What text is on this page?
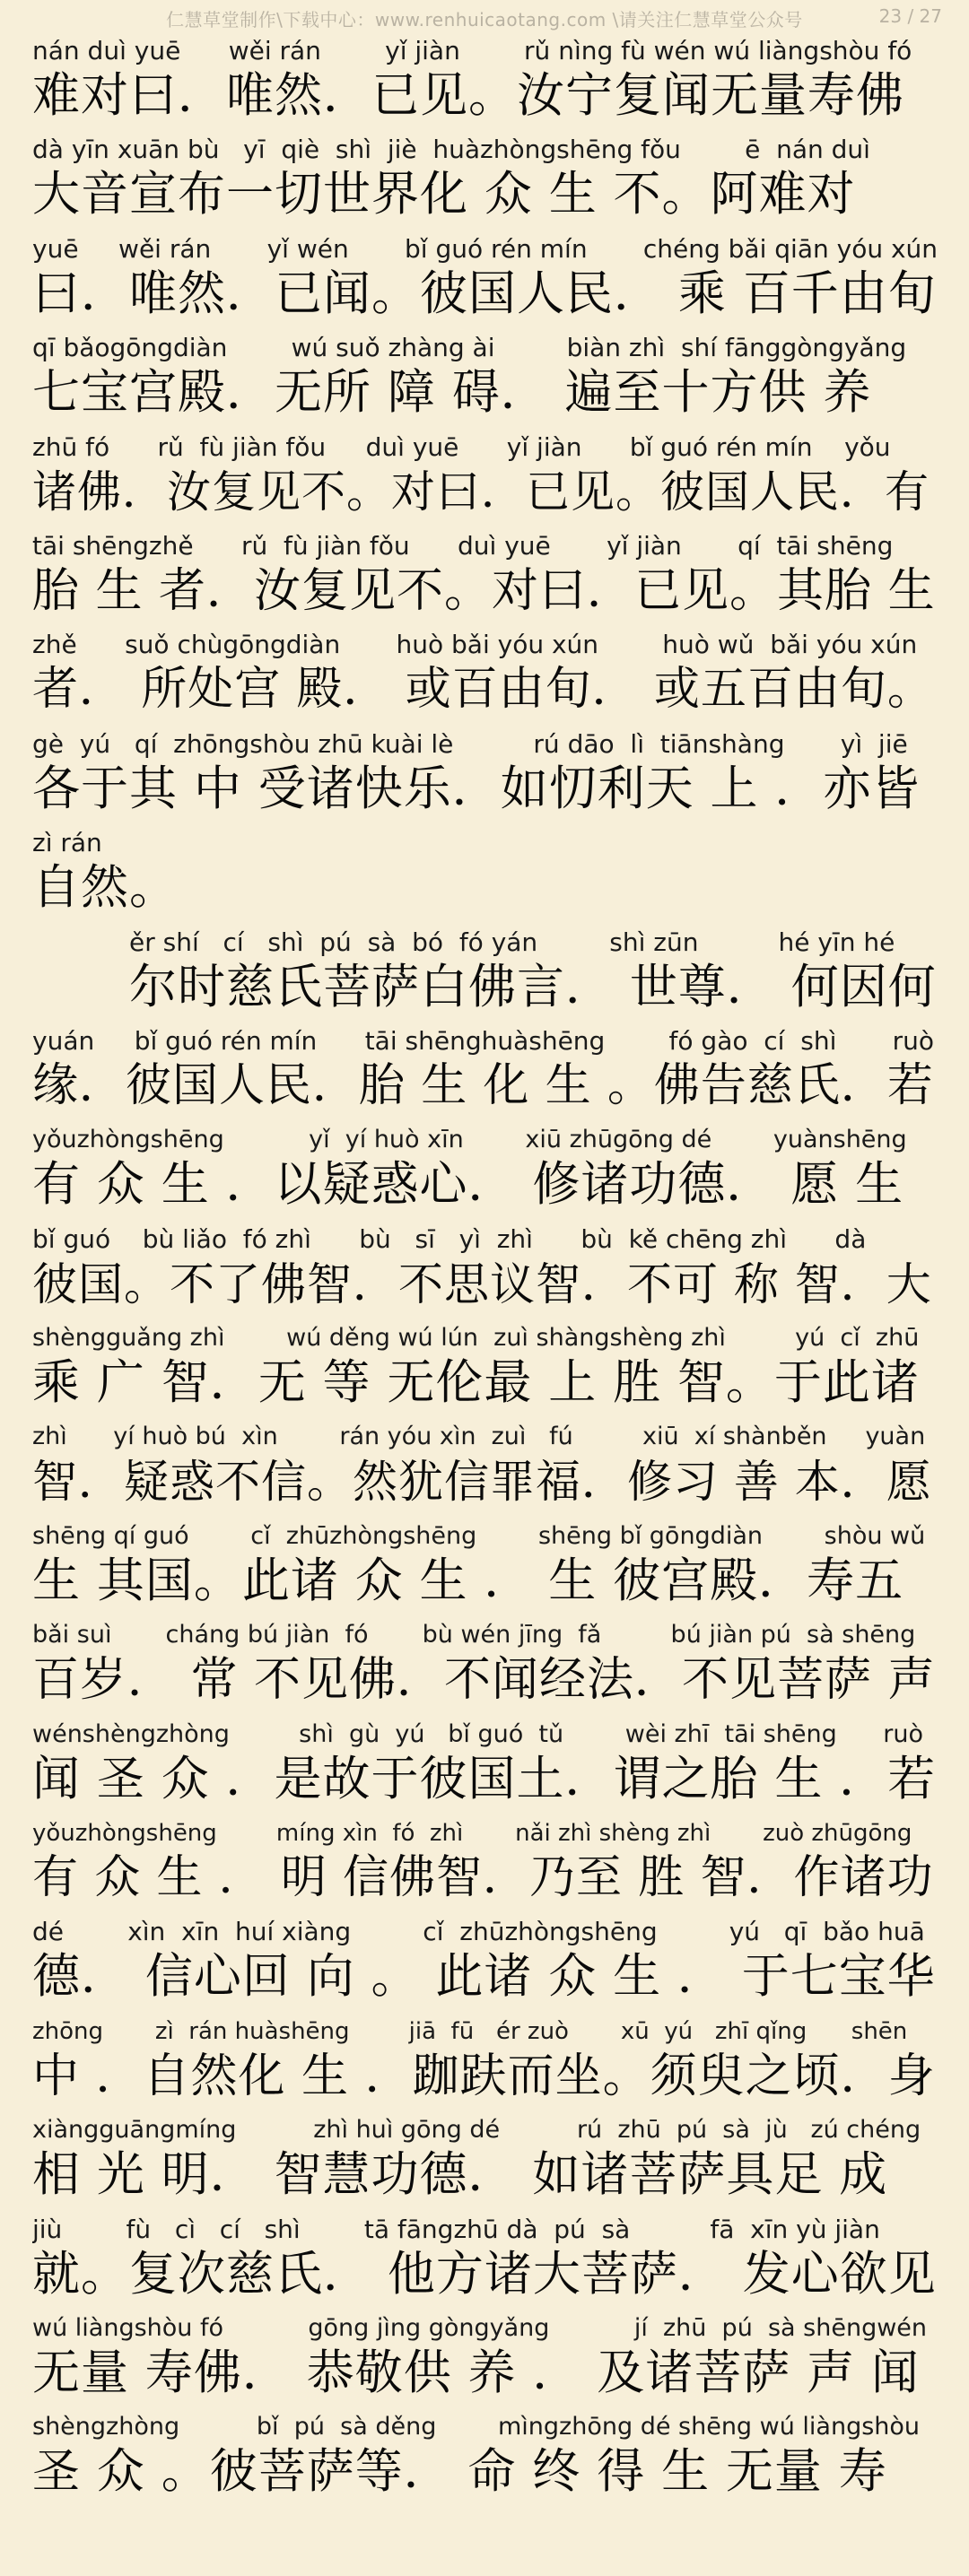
仁慧草堂制作\下载中心：www.renhuicaotang.com \请关注仁慧草堂公众号	23 / 27
nán duì yuē      wěi rán        yǐ jiàn        rǔ nìng fù wén wú liàngshòu fó
难对曰．唯然．已见。汝宁复闻无量寿佛
dà yīn xuān bù   yī  qiè  shì  jiè  huàzhòngshēng fǒu        ē  nán duì
大音宣布一切世界化 众 生 不。阿难对
yuē     wěi rán       yǐ wén       bǐ guó rén mín       chéng bǎi qiān yóu xún
曰．唯然．已闻。彼国人民． 乘 百千由旬
qī bǎogōngdiàn        wú suǒ zhàng ài         biàn zhì  shí fānggòngyǎng
七宝宫殿．无所 障 碍． 遍至十方供 养
zhū fó      rǔ  fù jiàn fǒu     duì yuē      yǐ jiàn      bǐ guó rén mín    yǒu
诸佛．汝复见不。对曰．已见。彼国人民．有
tāi shēngzhě      rǔ  fù jiàn fǒu      duì yuē       yǐ jiàn       qí  tāi shēng
胎 生 者．汝复见不。对曰．已见。其胎 生
zhě      suǒ chùgōngdiàn       huò bǎi yóu xún        huò wǔ  bǎi yóu xún
者． 所处宫 殿． 或百由旬． 或五百由旬。
gè  yú   qí  zhōngshòu zhū kuài lè          rú dāo  lì  tiānshàng       yì  jiē
各于其 中 受诸快乐．如忉利天 上 ．亦皆
zì rán
自然。
ěr shí   cí   shì  pú  sà  bó  fó yán         shì zūn          hé yīn hé
尔时慈氏菩萨白佛言． 世尊． 何因何
yuán     bǐ guó rén mín      tāi shēnghuàshēng        fó gào  cí  shì       ruò
缘．彼国人民．胎 生 化 生 。佛告慈氏．若
yǒuzhòngshēng           yǐ  yí huò xīn        xiū zhūgōng dé        yuànshēng
有 众 生 ．以疑惑心． 修诸功德． 愿 生
bǐ guó    bù liǎo  fó zhì      bù   sī   yì  zhì      bù  kě chēng zhì      dà
彼国。不了佛智．不思议智．不可 称 智．大
shèngguǎng zhì        wú děng wú lún  zuì shàngshèng zhì         yú  cǐ  zhū
乘 广 智．无 等 无伦最 上 胜 智。于此诸
zhì      yí huò bú  xìn        rán yóu xìn  zuì   fú         xiū  xí shànběn     yuàn
智．疑惑不信。然犹信罪福．修习 善 本．愿
shēng qí guó        cǐ  zhūzhòngshēng        shēng bǐ gōngdiàn        shòu wǔ
生 其国。此诸 众 生 ． 生 彼宫殿．寿五
bǎi suì       cháng bú jiàn  fó       bù wén jīng  fǎ         bú jiàn pú  sà shēng
百岁． 常 不见佛．不闻经法．不见菩萨 声
wénshèngzhòng         shì  gù  yú   bǐ guó  tǔ        wèi zhī  tāi shēng      ruò
闻 圣 众 ．是故于彼国土．谓之胎 生 ．若
yǒuzhòngshēng        míng xìn  fó  zhì       nǎi zhì shèng zhì       zuò zhūgōng
有 众 生 ． 明 信佛智．乃至 胜 智．作诸功
dé        xìn  xīn  huí xiàng         cǐ  zhūzhòngshēng         yú   qī  bǎo huā
德． 信心回 向 。 此诸 众 生 ． 于七宝华
zhōng       zì  rán huàshēng        jiā  fū   ér zuò       xū  yú   zhī qǐng      shēn
中 ．自然化 生 ．跏趺而坐。须臾之顷．身
xiàngguāngmíng          zhì huì gōng dé          rú  zhū  pú  sà  jù   zú chéng
相 光 明． 智慧功德． 如诸菩萨具足 成
jiù        fù   cì   cí   shì        tā fāngzhū dà  pú  sà          fā  xīn yù jiàn
就。复次慈氏． 他方诸大菩萨． 发心欲见
wú liàngshòu fó           gōng jìng gòngyǎng           jí  zhū  pú  sà shēngwén
无量 寿佛． 恭敬供 养 ． 及诸菩萨 声 闻
shèngzhòng          bǐ  pú  sà děng        mìngzhōng dé shēng wú liàngshòu
圣 众 。彼菩萨等． 命 终 得 生 无量 寿
